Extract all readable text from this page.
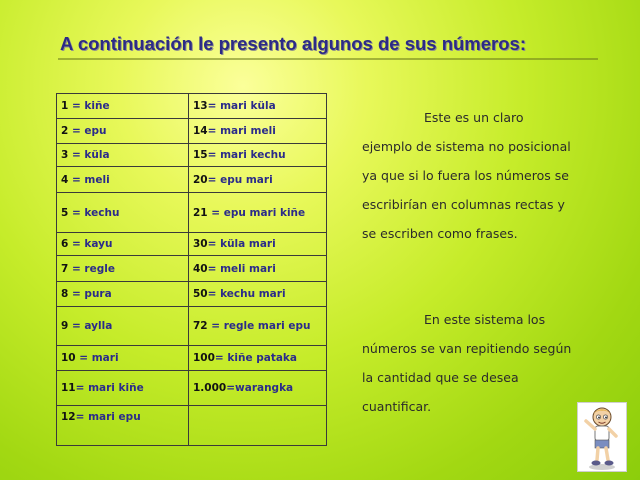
A continuación le presento algunos de sus números:
1 = kiñe	13= mari küla
2 = epu	14= mari meli
3 = küla	15= mari kechu
4 = meli	20= epu mari
5 = kechu	21 = epu mari kiñe
6 = kayu	30= küla mari
7 = regle	40= meli mari
8 = pura	50= kechu mari
9 = aylla	72 = regle mari epu
10 = mari	100= kiñe pataka
11= mari kiñe	1.000=warangka
12= mari epu	

Este es un claro ejemplo de sistema no posicional ya que si lo fuera los números se escribirían en columnas rectas y se escriben como frases.

En este sistema los números se van repitiendo según la cantidad que se desea cuantificar.
